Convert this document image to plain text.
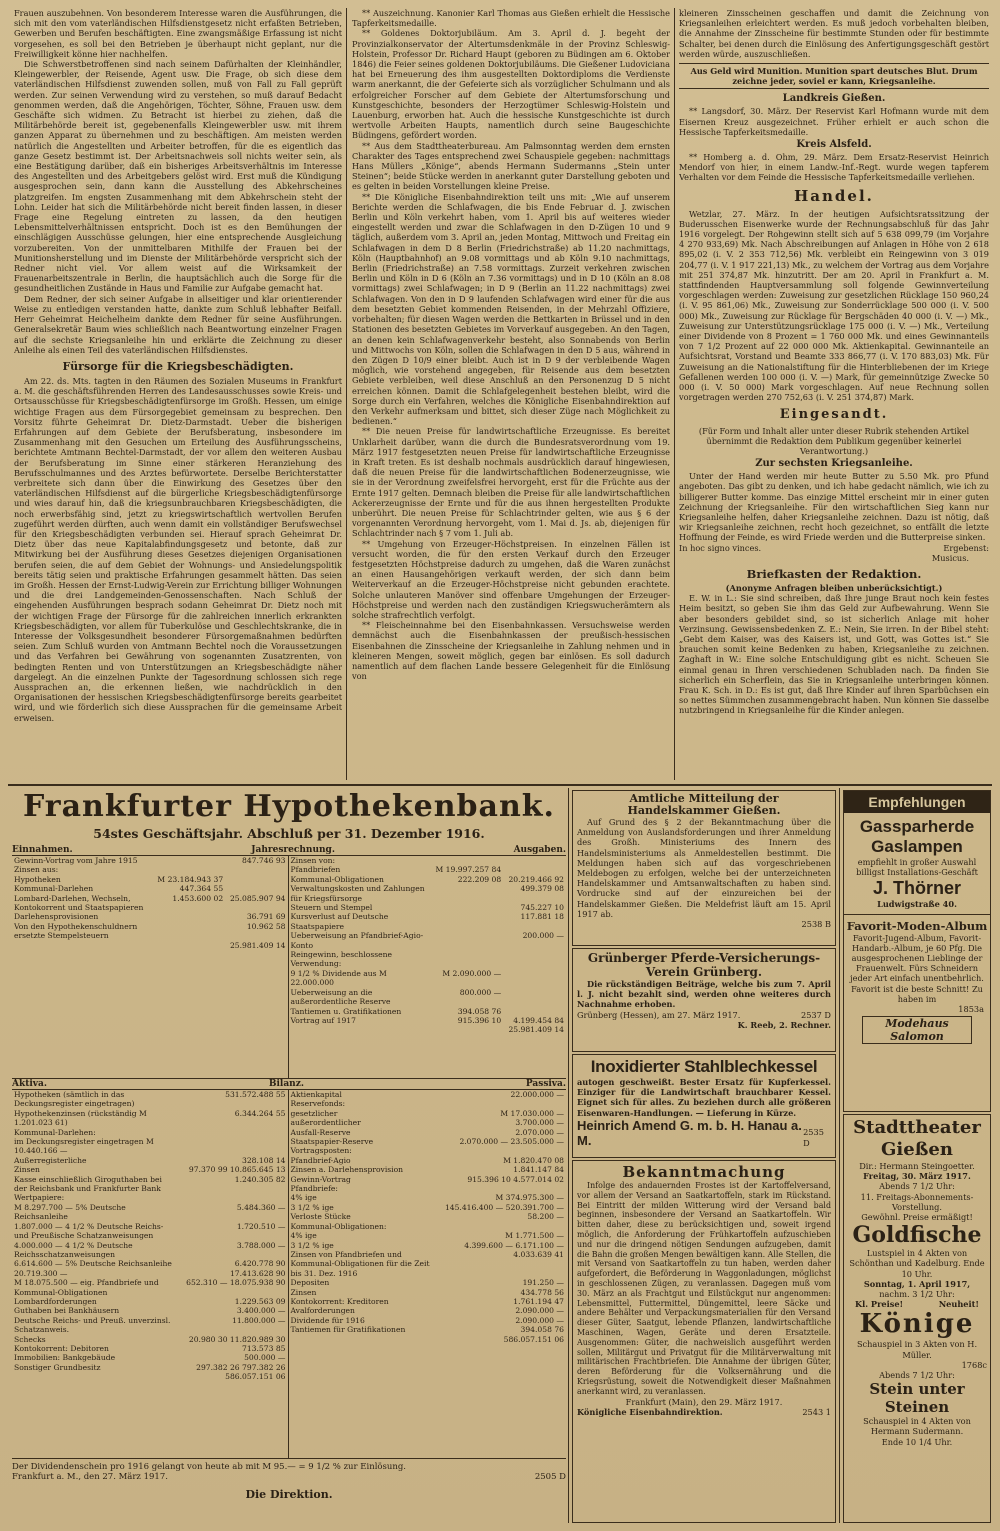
Frauen auszubehnen. Von besonderem Interesse waren die Ausführungen, die sich mit den vom vaterländischen Hilfsdienstgesetz nicht erfaßten Betrieben, Gewerben und Berufen beschäftigten. Eine zwangsmäßige Erfassung ist nicht vorgesehen, es soll bei den Betrieben je überhaupt nicht geplant, nur die Freiwilligkeit könne hier nachhelfen.

Die Schwerstbetroffenen sind nach seinem Dafürhalten der Kleinhändler, Kleingewerbler, der Reisende, Agent usw. Die Frage, ob sich diese dem vaterländischen Hilfsdienst zuwenden sollen, muß von Fall zu Fall geprüft werden. Zur seinen Verwendung wird zu verstehen, so muß darauf Bedacht genommen werden, daß die Angehörigen, Töchter, Söhne, Frauen usw. dem Geschäfte sich widmen. Zu Betracht ist hierbei zu ziehen, daß die Militärbehörde bereit ist, gegebenenfalls Kleingewerbler usw. mit ihrem ganzen Apparat zu übernehmen und zu beschäftigen. Am meisten werden natürlich die Angestellten und Arbeiter betroffen, für die es eigentlich das ganze Gesetz bestimmt ist. Der Arbeitsnachweis soll nichts weiter sein, als eine Bestätigung darüber, daß ein bisheriges Arbeitsverhältnis im Interesse des Angestellten und des Arbeitgebers gelöst wird. Erst muß die Kündigung ausgesprochen sein, dann kann die Ausstellung des Abkehrscheines platzgreifen. Im engsten Zusammenhang mit dem Abkehrschein steht der Lohn. Leider hat sich die Militärbehörde nicht bereit finden lassen, in dieser Frage eine Regelung eintreten zu lassen, da den heutigen Lebensmittelverhältnissen entspricht. Doch ist es den Bemühungen der einschlägigen Ausschüsse gelungen, hier eine entsprechende Ausgleichung vorzubereiten. Von der unmittelbaren Mithilfe der Frauen bei der Munitionsherstellung und im Dienste der Militärbehörde verspricht sich der Redner nicht viel. Vor allem weist auf die Wirksamkeit der Frauenarbeitszentrale in Berlin, die hauptsächlich auch die Sorge für die gesundheitlichen Zustände in Haus und Familie zur Aufgabe gemacht hat.

Dem Redner, der sich seiner Aufgabe in allseitiger und klar orientierender Weise zu entledigen verstanden hatte, dankte zum Schluß lebhafter Beifall. Herr Geheimrat Heichelheim dankte dem Redner für seine Ausführungen. Generalsekretär Baum wies schließlich nach Beantwortung einzelner Fragen auf die sechste Kriegsanleihe hin und erklärte die Zeichnung zu dieser Anleihe als einen Teil des vaterländischen Hilfsdienstes.

Fürsorge für die Kriegsbeschädigten.

Am 22. ds. Mts. tagten in den Räumen des Sozialen Museums in Frankfurt a. M. die geschäftsführenden Herren des Landesausschusses sowie Kreis- und Ortsausschüsse für Kriegsbeschädigtenfürsorge im Großh. Hessen, um einige wichtige Fragen aus dem Fürsorgegebiet gemeinsam zu besprechen. Den Vorsitz führte Geheimrat Dr. Dietz-Darmstadt. Ueber die bisherigen Erfahrungen auf dem Gebiete der Berufsberatung, insbesondere im Zusammenhang mit den Gesuchen um Erteilung des Ausführungsscheins, berichtete Amtmann Bechtel-Darmstadt, der vor allem den weiteren Ausbau der Berufsberatung im Sinne einer stärkeren Heranziehung des Berufsschulmannes und des Arztes befürwortete. Derselbe Berichterstatter verbreitete sich dann über die Einwirkung des Gesetzes über den vaterländischen Hilfsdienst auf die bürgerliche Kriegsbeschädigtenfürsorge und wies darauf hin, daß die kriegsunbrauchbaren Kriegsbeschädigten, die noch erwerbsfähig sind, jetzt zu kriegswirtschaftlich wertvollen Berufen zugeführt werden dürften, auch wenn damit ein vollständiger Berufswechsel für den Kriegsbeschädigten verbunden sei. Hierauf sprach Geheimrat Dr. Dietz über das neue Kapitalabfindungsgesetz und betonte, daß zur Mitwirkung bei der Ausführung dieses Gesetzes diejenigen Organisationen berufen seien, die auf dem Gebiet der Wohnungs- und Ansiedelungspolitik bereits tätig seien und praktische Erfahrungen gesammelt hätten. Das seien im Großh. Hessen der Ernst-Ludwig-Verein zur Errichtung billiger Wohnungen und die drei Landgemeinden-Genossenschaften. Nach Schluß der eingehenden Ausführungen besprach sodann Geheimrat Dr. Dietz noch mit der wichtigen Frage der Fürsorge für die zahlreichen innerlich erkrankten Kriegsbeschädigten, vor allem für Tuberkulöse und Geschlechtskranke, die in Interesse der Volksgesundheit besonderer Fürsorgemaßnahmen bedürften seien. Zum Schluß wurden von Amtmann Bechtel noch die Voraussetzungen und das Verfahren bei Gewährung von sogenannten Zusatzrenten, von bedingten Renten und von Unterstützungen an Kriegsbeschädigte näher dargelegt. An die einzelnen Punkte der Tagesordnung schlossen sich rege Aussprachen an, die erkennen ließen, wie nachdrücklich in den Organisationen der hessischen Kriegsbeschädigtenfürsorge bereits gearbeitet wird, und wie förderlich sich diese Aussprachen für die gemeinsame Arbeit erweisen.

** Auszeichnung. Kanonier Karl Thomas aus Gießen erhielt die Hessische Tapferkeitsmedaille.

** Goldenes Doktorjubiläum. Am 3. April d. J. begeht der Provinzialkonservator der Altertumsdenkmäle in der Provinz Schleswig-Holstein, Professor Dr. Richard Haupt (geboren zu Büdingen am 6. Oktober 1846) die Feier seines goldenen Doktorjubiläums. Die Gießener Ludoviciana hat bei Erneuerung des ihm ausgestellten Doktordiploms die Verdienste warm anerkannt, die der Gefeierte sich als vorzüglicher Schulmann und als erfolgreicher Forscher auf dem Gebiete der Altertumsforschung und Kunstgeschichte, besonders der Herzogtümer Schleswig-Holstein und Lauenburg, erworben hat. Auch die hessische Kunstgeschichte ist durch wertvolle Arbeiten Haupts, namentlich durch seine Baugeschichte Büdingens, gefördert worden.

** Aus dem Stadttheaterbureau. Am Palmsonntag werden dem ernsten Charakter des Tages entsprechend zwei Schauspiele gegeben: nachmittags Hans Müllers „Könige“, abends Hermann Sudermanns „Stein unter Steinen“; beide Stücke werden in anerkannt guter Darstellung geboten und es gelten in beiden Vorstellungen kleine Preise.

** Die Königliche Eisenbahndirektion teilt uns mit: „Wie auf unserem Berichte werden die Schlafwagen, die bis Ende Februar d. J. zwischen Berlin und Köln verkehrt haben, vom 1. April bis auf weiteres wieder eingestellt werden und zwar die Schlafwagen in den D-Zügen 10 und 9 täglich, außerdem vom 3. April an, jeden Montag, Mittwoch und Freitag ein Schlafwagen in dem D 8 Berlin (Friedrichstraße) ab 11.20 nachmittags, Köln (Hauptbahnhof) an 9.08 vormittags und ab Köln 9.10 nachmittags, Berlin (Friedrichstraße) an 7.58 vormittags. Zurzeit verkehren zwischen Berlin und Köln in D 6 (Köln an 7.36 vormittags) und in D 10 (Köln an 8.08 vormittags) zwei Schlafwagen; in D 9 (Berlin an 11.22 nachmittags) zwei Schlafwagen. Von den in D 9 laufenden Schlafwagen wird einer für die aus dem besetzten Gebiet kommenden Reisenden, in der Mehrzahl Offiziere, vorbehalten; für diesen Wagen werden die Bettkarten in Brüssel und in den Stationen des besetzten Gebietes im Vorverkauf ausgegeben. An den Tagen, an denen kein Schlafwagenverkehr besteht, also Sonnabends von Berlin und Mittwochs von Köln, sollen die Schlafwagen in den D 5 aus, während in den Zügen D 10/9 einer bleibt. Auch ist in D 9 der verbleibende Wagen möglich, wie vorstehend angegeben, für Reisende aus dem besetzten Gebiete verbleiben, weil diese Anschluß an den Personenzug D 5 nicht erreichen können. Damit die Schlafgelegenheit bestehen bleibt, wird die Sorge durch ein Verfahren, welches die Königliche Eisenbahndirektion auf den Verkehr aufmerksam und bittet, sich dieser Züge nach Möglichkeit zu bedienen.“

** Die neuen Preise für landwirtschaftliche Erzeugnisse. Es bereitet Unklarheit darüber, wann die durch die Bundesratsverordnung vom 19. März 1917 festgesetzten neuen Preise für landwirtschaftliche Erzeugnisse in Kraft treten. Es ist deshalb nochmals ausdrücklich darauf hingewiesen, daß die neuen Preise für die landwirtschaftlichen Bodenerzeugnisse, wie sie in der Verordnung zweifelsfrei hervorgeht, erst für die Früchte aus der Ernte 1917 gelten. Demnach bleiben die Preise für alle landwirtschaftlichen Ackererzeugnisse der Ernte und für die aus ihnen hergestellten Produkte unberührt. Die neuen Preise für Schlachtrinder gelten, wie aus § 6 der vorgenannten Verordnung hervorgeht, vom 1. Mai d. Js. ab, diejenigen für Schlachtrinder nach § 7 vom 1. Juli ab.

** Umgehung von Erzeuger-Höchstpreisen. In einzelnen Fällen ist versucht worden, die für den ersten Verkauf durch den Erzeuger festgesetzten Höchstpreise dadurch zu umgehen, daß die Waren zunächst an einen Hausangehörigen verkauft werden, der sich dann beim Weiterverkauf an die Erzeuger-Höchstpreise nicht gebunden erachtete. Solche unlauteren Manöver sind offenbare Umgehungen der Erzeuger-Höchstpreise und werden nach den zuständigen Kriegswucherämtern als solche strafrechtlich verfolgt.

** Fleischeinnahme bei den Eisenbahnkassen. Versuchsweise werden demnächst auch die Eisenbahnkassen der preußisch-hessischen Eisenbahnen die Zinsscheine der Kriegsanleihe in Zahlung nehmen und in kleineren Mengen, soweit möglich, gegen bar einlösen. Es soll dadurch namentlich auf dem flachen Lande bessere Gelegenheit für die Einlösung von

kleineren Zinsscheinen geschaffen und damit die Zeichnung von Kriegsanleihen erleichtert werden. Es muß jedoch vorbehalten bleiben, die Annahme der Zinsscheine für bestimmte Stunden oder für bestimmte Schalter, bei denen durch die Einlösung des Anfertigungsgeschäft gestört werden würde, auszuschließen.

Aus Geld wird Munition. Munition spart deutsches Blut. Drum zeichne jeder, soviel er kann, Kriegsanleihe.

Landkreis Gießen.

** Langsdorf, 30. März. Der Reservist Karl Hofmann wurde mit dem Eisernen Kreuz ausgezeichnet. Früher erhielt er auch schon die Hessische Tapferkeitsmedaille.

Kreis Alsfeld.

** Homberg a. d. Ohm, 29. März. Dem Ersatz-Reservist Heinrich Mendorf von hier, in einem Landw.-Inf.-Regt. wurde wegen tapferem Verhalten vor dem Feinde die Hessische Tapferkeitsmedaille verliehen.

Handel.

Wetzlar, 27. März. In der heutigen Aufsichtsratssitzung der Buderusschen Eisenwerke wurde der Rechnungsabschluß für das Jahr 1916 vorgelegt. Der Rohgewinn stellt sich auf 5 638 099,79 (im Vorjahre 4 270 933,69) Mk. Nach Abschreibungen auf Anlagen in Höhe von 2 618 895,02 (i. V. 2 353 712,56) Mk. verbleibt ein Reingewinn von 3 019 204,77 (i. V. 1 917 221,13) Mk., zu welchem der Vortrag aus dem Vorjahre mit 251 374,87 Mk. hinzutritt. Der am 20. April in Frankfurt a. M. stattfindenden Hauptversammlung soll folgende Gewinnverteilung vorgeschlagen werden: Zuweisung zur gesetzlichen Rücklage 150 960,24 (i. V. 95 861,06) Mk., Zuweisung zur Sonderrücklage 500 000 (i. V. 500 000) Mk., Zuweisung zur Rücklage für Bergschäden 40 000 (i. V. —) Mk., Zuweisung zur Unterstützungsrücklage 175 000 (i. V. —) Mk., Verteilung einer Dividende von 8 Prozent = 1 760 000 Mk. und eines Gewinnanteils von 7 1/2 Prozent auf 22 000 000 Mk. Aktienkapital. Gewinnanteile an Aufsichtsrat, Vorstand und Beamte 333 866,77 (i. V. 170 883,03) Mk. Für Zuweisung an die Nationalstiftung für die Hinterbliebenen der im Kriege Gefallenen werden 100 000 (i. V. —) Mark, für gemeinnützige Zwecke 50 000 (i. V. 50 000) Mark vorgeschlagen. Auf neue Rechnung sollen vorgetragen werden 270 752,63 (i. V. 251 374,87) Mark.

Eingesandt.

(Für Form und Inhalt aller unter dieser Rubrik stehenden Artikel übernimmt die Redaktion dem Publikum gegenüber keinerlei Verantwortung.)

Zur sechsten Kriegsanleihe.

Unter der Hand werden mir heute Butter zu 5.50 Mk. pro Pfund angeboten. Das gibt zu denken, und ich habe gedacht nämlich, wie ich zu billigerer Butter komme. Das einzige Mittel erscheint mir in einer guten Zeichnung der Kriegsanleihe. Für den wirtschaftlichen Sieg kann nur Kriegsanleihe helfen, daher Kriegsanleihe zeichnen. Dazu ist nötig, daß wir Kriegsanleihe zeichnen, recht hoch gezeichnet, so entfällt die letzte Hoffnung der Feinde, es wird Friede werden und die Butterpreise sinken.

In hoc signo vinces.	Ergebenst:
Musicus.
Briefkasten der Redaktion.
(Anonyme Anfragen bleiben unberücksichtigt.)

E. W. in L.: Sie sind schreiben, daß Ihre junge Braut noch kein festes Heim besitzt, so geben Sie ihm das Geld zur Aufbewahrung. Wenn Sie aber besonders gebildet sind, so ist sicherlich Anlage mit hoher Verzinsung. Gewissensbedenken Z. E.: Nein, Sie irren. In der Bibel steht: „Gebt dem Kaiser, was des Kaisers ist, und Gott, was Gottes ist.“ Sie brauchen somit keine Bedenken zu haben, Kriegsanleihe zu zeichnen. Zaghaft in W.: Eine solche Entschuldigung gibt es nicht. Scheuen Sie einmal genau in Ihren verschiedenen Schubladen nach. Da finden Sie sicherlich ein Scherflein, das Sie in Kriegsanleihe unterbringen können. Frau K. Sch. in D.: Es ist gut, daß Ihre Kinder auf ihren Sparbüchsen ein so nettes Sümmchen zusammengebracht haben. Nun können Sie dasselbe nutzbringend in Kriegsanleihe für die Kinder anlegen.

Frankfurter Hypothekenbank.
54stes Geschäftsjahr. Abschluß per 31. Dezember 1916.
Einnahmen.	Jahresrechnung.	Ausgaben.
Gewinn-Vortrag vom Jahre 1915		847.746 93
Zinsen aus:		
Hypotheken	M 23.184.943 37	
Kommunal-Darlehen	447.364 55	
Lombard-Darlehen, Wechseln, Kontokorrent und Staatspapieren	1.453.600 02	25.085.907 94
Darlehensprovisionen		36.791 69
Von den Hypothekenschuldnern ersetzte Stempelsteuern		10.962 58
		25.981.409 14
Zinsen von:		
Pfandbriefen	M 19.997.257 84	
Kommunal-Obligationen	222.209 08	20.219.466 92
Verwaltungskosten und Zahlungen für Kriegsfürsorge		499.379 08
Steuern und Stempel		745.227 10
Kursverlust auf Deutsche Staatspapiere		117.881 18
Ueberweisung an Pfandbrief-Agio-Konto		200.000 —
Reingewinn, beschlossene Verwendung:		
9 1/2 % Dividende aus M 22.000.000	M 2.090.000 —	
Ueberweisung an die außerordentliche Reserve	800.000 —	
Tantiemen u. Gratifikationen	394.058 76	
Vortrag auf 1917	915.396 10	4.199.454 84
		25.981.409 14
Aktiva.	Bilanz.	Passiva.
Hypotheken (sämtlich in das Deckungsregister eingetragen)	531.572.488 55
Hypothekenzinsen (rückständig M 1.201.023 61)	6.344.264 55
Kommunal-Darlehen:	
im Deckungsregister eingetragen M 10.440.166 —	
Außerregisterliche	328.108 14
Zinsen	97.370 99 10.865.645 13
Kasse einschließlich Giroguthaben bei der Reichsbank und Frankfurter Bank	1.240.305 82
Wertpapiere:	
M 8.297.700 — 5% Deutsche Reichsanleihe	5.484.360 —
1.807.000 — 4 1/2 % Deutsche Reichs- und Preußische Schatzanweisungen	1.720.510 —
4.000.000 — 4 1/2 % Deutsche Reichsschatzanweisungen	3.788.000 —
6.614.600 — 5% Deutsche Reichsanleihe	6.420.778 90
20.719.300 —	17.413.628 90
M 18.075.500 — eig. Pfandbriefe und Kommunal-Obligationen	652.310 — 18.075.938 90
Lombardforderungen	1.229.563 09
Guthaben bei Bankhäusern	3.400.000 —
Deutsche Reichs- und Preuß. unverzinsl. Schatzanweis.	11.800.000 —
Schecks	20.980 30 11.820.989 30
Kontokorrent: Debitoren	713.573 85
Immobilien: Bankgebäude	500.000 —
Sonstiger Grundbesitz	297.382 26 797.382 26
	586.057.151 06
Aktienkapital	22.000.000 —
Reservefonds:	
gesetzlicher	M 17.030.000 —
außerordentlicher	3.700.000 —
Ausfall-Reserve	2.070.000 —
Staatspapier-Reserve	2.070.000 — 23.505.000 —
Vortragsposten:	
Pfandbrief-Agio	M 1.820.470 08
Zinsen a. Darlehensprovision	1.841.147 84
Gewinn-Vortrag	915.396 10 4.577.014 02
Pfandbriefe:	
4% ige	M 374.975.300 —
3 1/2 % ige	145.416.400 — 520.391.700 —
Verloste Stücke	58.200 —
Kommunal-Obligationen:	
4% ige	M 1.771.500 —
3 1/2 % ige	4.399.600 — 6.171.100 —
Zinsen von Pfandbriefen und Kommunal-Obligationen für die Zeit bis 31. Dez. 1916	4.033.639 41
Depositen	191.250 —
Zinsen	434.778 56
Kontokorrent: Kreditoren	1.761.194 47
Avalforderungen	2.090.000 —
Dividende für 1916	2.090.000 —
Tantiemen für Gratifikationen	394.058 76
	586.057.151 06
Der Dividendenschein pro 1916 gelangt von heute ab mit M 95.— = 9 1/2 % zur Einlösung.
Frankfurt a. M., den 27. März 1917.	2505 D
Die Direktion.

Amtliche Mitteilung der Handelskammer Gießen.

Auf Grund des § 2 der Bekanntmachung über die Anmeldung von Auslandsforderungen und ihrer Anmeldung des Großh. Ministeriums des Innern des Handelsministeriums als Anmeldestellen bestimmt. Die Meldungen haben sich auf das vorgeschriebenen Meldebogen zu erfolgen, welche bei der unterzeichneten Handelskammer und Amtsanwaltschaften zu haben sind. Vordrucke sind auf der einzureichen bei der Handelskammer Gießen. Die Meldefrist läuft am 15. April 1917 ab.

2538 B

Grünberger Pferde-Versicherungs-Verein Grünberg.

Die rückständigen Beiträge, welche bis zum 7. April l. J. nicht bezahlt sind, werden ohne weiteres durch Nachnahme erhoben.

Grünberg (Hessen), am 27. März 1917.	2537 D
K. Reeb, 2. Rechner.

Inoxidierter Stahlblechkessel

autogen geschweißt. Bester Ersatz für Kupferkessel. Einziger für die Landwirtschaft brauchbarer Kessel. Eignet sich für alles. Zu beziehen durch alle größeren Eisenwaren-Handlungen. — Lieferung in Kürze.

Heinrich Amend G. m. b. H. Hanau a. M.
2535 D

Bekanntmachung

Infolge des andauernden Frostes ist der Kartoffelversand, vor allem der Versand an Saatkartoffeln, stark im Rückstand. Bei Eintritt der milden Witterung wird der Versand bald beginnen, insbesondere der Versand an Saatkartoffeln. Wir bitten daher, diese zu berücksichtigen und, soweit irgend möglich, die Anforderung der Frühkartoffeln aufzuschieben und nur die dringend nötigen Sendungen aufzugeben, damit die Bahn die großen Mengen bewältigen kann. Alle Stellen, die mit Versand von Saatkartoffeln zu tun haben, werden daher aufgefordert, die Beförderung in Waggonladungen, möglichst in geschlossenen Zügen, zu veranlassen. Dagegen muß vom 30. März an als Frachtgut und Eilstückgut nur angenommen: Lebensmittel, Futtermittel, Düngemittel, leere Säcke und andere Behälter und Verpackungsmaterialien für den Versand dieser Güter, Saatgut, lebende Pflanzen, landwirtschaftliche Maschinen, Wagen, Geräte und deren Ersatzteile. Ausgenommen: Güter, die nachweislich ausgeführt werden sollen, Militärgut und Privatgut für die Militärverwaltung mit militärischen Frachtbriefen. Die Annahme der übrigen Güter, deren Beförderung für die Volksernährung und die Kriegsrüstung, soweit die Notwendigkeit dieser Maßnahmen anerkannt wird, zu veranlassen.

Frankfurt (Main), den 29. März 1917.
Königliche Eisenbahndirektion.	2543 1
Empfehlungen

Gassparherde Gaslampen

empfiehlt in großer Auswahl billigst Installations-Geschäft

J. Thörner

Ludwigstraße 40.

Favorit-Moden-Album

Favorit-Jugend-Album, Favorit-Handarb.-Album, je 60 Pfg. Die ausgesprochenen Lieblinge der Frauenwelt. Fürs Schneidern jeder Art einfach unentbehrlich. Favorit ist die beste Schnitt! Zu haben im

1853a

Modehaus Salomon

Stadttheater Gießen

Dir.: Hermann Steingoetter.

Freitag, 30. März 1917.

Abends 7 1/2 Uhr:

11. Freitags-Abonnements-Vorstellung.

Gewöhnl. Preise ermäßigt!

Goldfische

Lustspiel in 4 Akten von Schönthan und Kadelburg. Ende 10 Uhr.

Sonntag, 1. April 1917,

nachm. 3 1/2 Uhr:

Kl. Preise!	Neuheit!

Könige

Schauspiel in 3 Akten von H. Müller.

1768c

Abends 7 1/2 Uhr:

Stein unter Steinen

Schauspiel in 4 Akten von Hermann Sudermann.

Ende 10 1/4 Uhr.
